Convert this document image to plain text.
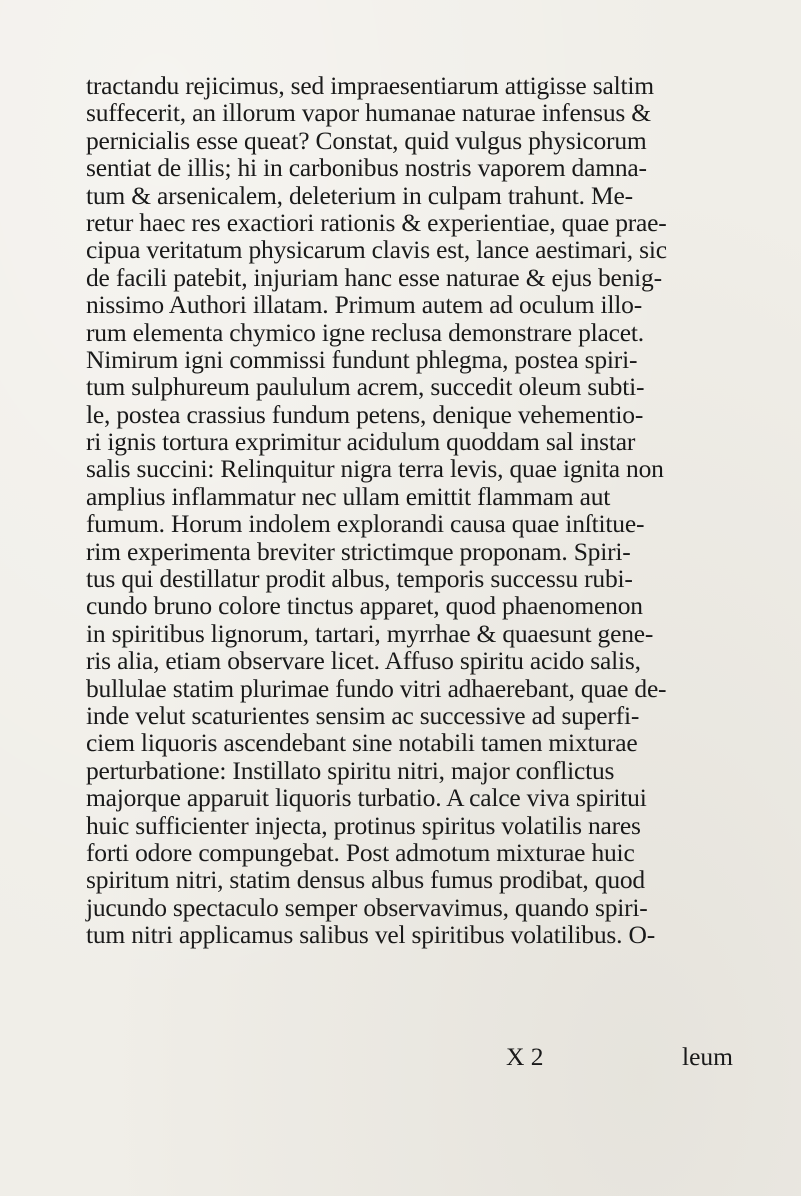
tractandu rejicimus, sed impraesentiarum attigisse saltim
suffecerit, an illorum vapor humanae naturae infensus &
pernicialis esse queat? Constat, quid vulgus physicorum
sentiat de illis; hi in carbonibus nostris vaporem damna-
tum & arsenicalem, deleterium in culpam trahunt. Me-
retur haec res exactiori rationis & experientiae, quae prae-
cipua veritatum physicarum clavis est, lance aestimari, sic
de facili patebit, injuriam hanc esse naturae & ejus benig-
nissimo Authori illatam. Primum autem ad oculum illo-
rum elementa chymico igne reclusa demonstrare placet.
Nimirum igni commissi fundunt phlegma, postea spiri-
tum sulphureum paululum acrem, succedit oleum subti-
le, postea crassius fundum petens, denique vehementio-
ri ignis tortura exprimitur acidulum quoddam sal instar
salis succini: Relinquitur nigra terra levis, quae ignita non
amplius inflammatur nec ullam emittit flammam aut
fumum. Horum indolem explorandi causa quae inſtitue-
rim experimenta breviter strictimque proponam. Spiri-
tus qui destillatur prodit albus, temporis successu rubi-
cundo bruno colore tinctus apparet, quod phaenomenon
in spiritibus lignorum, tartari, myrrhae & quaesunt gene-
ris alia, etiam observare licet. Affuso spiritu acido salis,
bullulae statim plurimae fundo vitri adhaerebant, quae de-
inde velut scaturientes sensim ac successive ad superfi-
ciem liquoris ascendebant sine notabili tamen mixturae
perturbatione: Instillato spiritu nitri, major conflictus
majorque apparuit liquoris turbatio. A calce viva spiritui
huic sufficienter injecta, protinus spiritus volatilis nares
forti odore compungebat. Post admotum mixturae huic
spiritum nitri, statim densus albus fumus prodibat, quod
jucundo spectaculo semper observavimus, quando spiri-
tum nitri applicamus salibus vel spiritibus volatilibus. O-
X 2	leum
